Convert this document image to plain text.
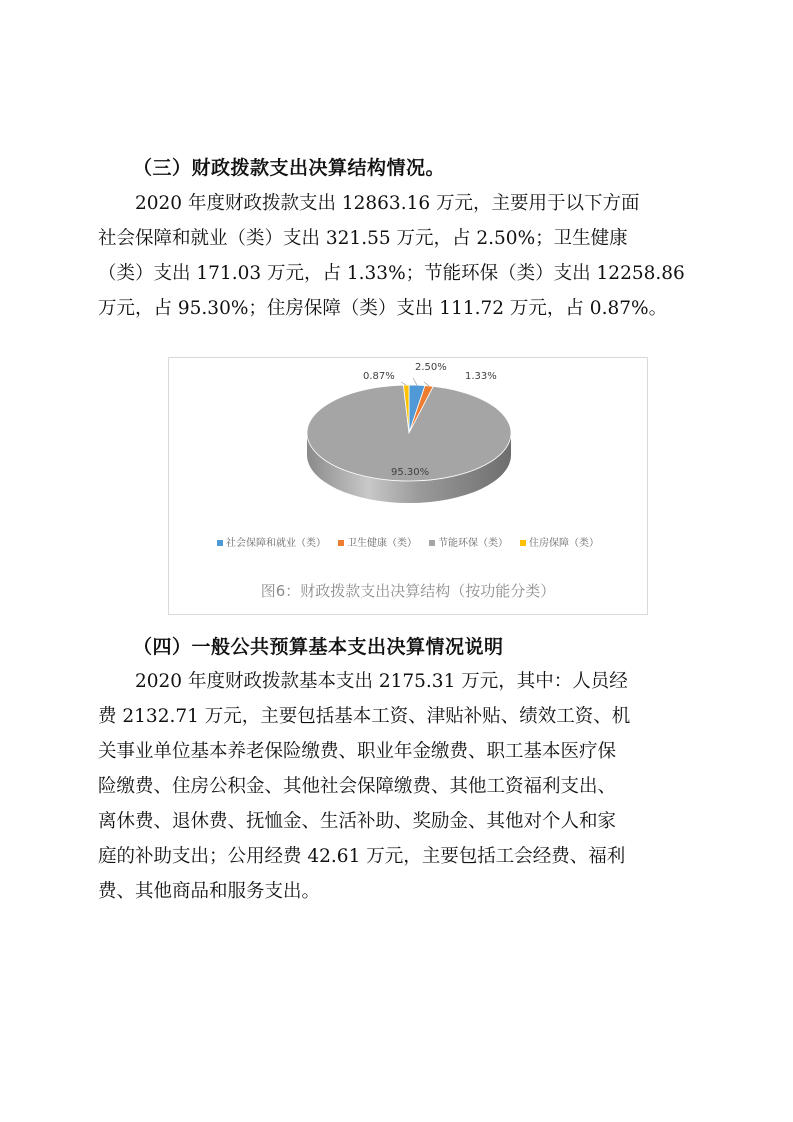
（三）财政拨款支出决算结构情况。
2020 年度财政拨款支出 12863.16 万元，主要用于以下方面
社会保障和就业（类）支出 321.55 万元，占 2.50%；卫生健康
（类）支出 171.03 万元，占 1.33%；节能环保（类）支出 12258.86
万元，占 95.30%；住房保障（类）支出 111.72 万元，占 0.87%。
2.50%
1.33%
95.30%
0.87%
社会保障和就业（类） 卫生健康（类） 节能环保（类） 住房保障（类）
图6：财政拨款支出决算结构（按功能分类）
（四）一般公共预算基本支出决算情况说明
2020 年度财政拨款基本支出 2175.31 万元，其中：人员经
费 2132.71 万元，主要包括基本工资、津贴补贴、绩效工资、机
关事业单位基本养老保险缴费、职业年金缴费、职工基本医疗保
险缴费、住房公积金、其他社会保障缴费、其他工资福利支出、
离休费、退休费、抚恤金、生活补助、奖励金、其他对个人和家
庭的补助支出；公用经费 42.61 万元，主要包括工会经费、福利
费、其他商品和服务支出。
